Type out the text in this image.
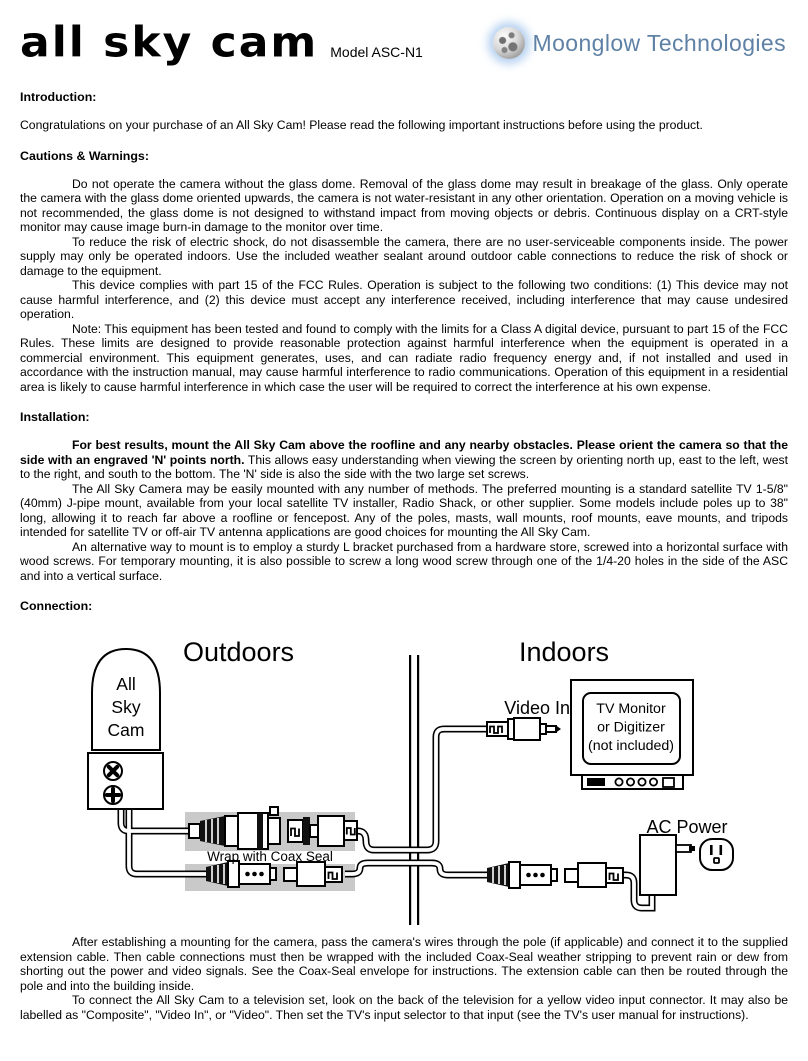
all sky cam Model ASC-N1	Moonglow Technologies
Introduction:

Congratulations on your purchase of an All Sky Cam! Please read the following important instructions before using the product.

Cautions & Warnings:

Do not operate the camera without the glass dome. Removal of the glass dome may result in breakage of the glass. Only operate the camera with the glass dome oriented upwards, the camera is not water-resistant in any other orientation. Operation on a moving vehicle is not recommended, the glass dome is not designed to withstand impact from moving objects or debris. Continuous display on a CRT-style monitor may cause image burn-in damage to the monitor over time.

To reduce the risk of electric shock, do not disassemble the camera, there are no user-serviceable components inside. The power supply may only be operated indoors. Use the included weather sealant around outdoor cable connections to reduce the risk of shock or damage to the equipment.

This device complies with part 15 of the FCC Rules. Operation is subject to the following two conditions: (1) This device may not cause harmful interference, and (2) this device must accept any interference received, including interference that may cause undesired operation.

Note: This equipment has been tested and found to comply with the limits for a Class A digital device, pursuant to part 15 of the FCC Rules. These limits are designed to provide reasonable protection against harmful interference when the equipment is operated in a commercial environment. This equipment generates, uses, and can radiate radio frequency energy and, if not installed and used in accordance with the instruction manual, may cause harmful interference to radio communications. Operation of this equipment in a residential area is likely to cause harmful interference in which case the user will be required to correct the interference at his own expense.

Installation:

For best results, mount the All Sky Cam above the roofline and any nearby obstacles. Please orient the camera so that the side with an engraved 'N' points north. This allows easy understanding when viewing the screen by orienting north up, east to the left, west to the right, and south to the bottom. The 'N' side is also the side with the two large set screws.

The All Sky Camera may be easily mounted with any number of methods. The preferred mounting is a standard satellite TV 1-5/8" (40mm) J-pipe mount, available from your local satellite TV installer, Radio Shack, or other supplier. Some models include poles up to 38" long, allowing it to reach far above a roofline or fencepost. Any of the poles, masts, wall mounts, roof mounts, eave mounts, and tripods intended for satellite TV or off-air TV antenna applications are good choices for mounting the All Sky Cam.

An alternative way to mount is to employ a sturdy L bracket purchased from a hardware store, screwed into a horizontal surface with wood screws. For temporary mounting, it is also possible to screw a long wood screw through one of the 1/4-20 holes in the side of the ASC and into a vertical surface.

Connection:
All
Sky
Cam
TV Monitor
or Digitizer
(not included)
Outdoors	Indoors
Video In
AC Power
Wrap with Coax Seal

After establishing a mounting for the camera, pass the camera's wires through the pole (if applicable) and connect it to the supplied extension cable. Then cable connections must then be wrapped with the included Coax-Seal weather stripping to prevent rain or dew from shorting out the power and video signals. See the Coax-Seal envelope for instructions. The extension cable can then be routed through the pole and into the building inside.

To connect the All Sky Cam to a television set, look on the back of the television for a yellow video input connector. It may also be labelled as "Composite", "Video In", or "Video". Then set the TV's input selector to that input (see the TV's user manual for instructions).
